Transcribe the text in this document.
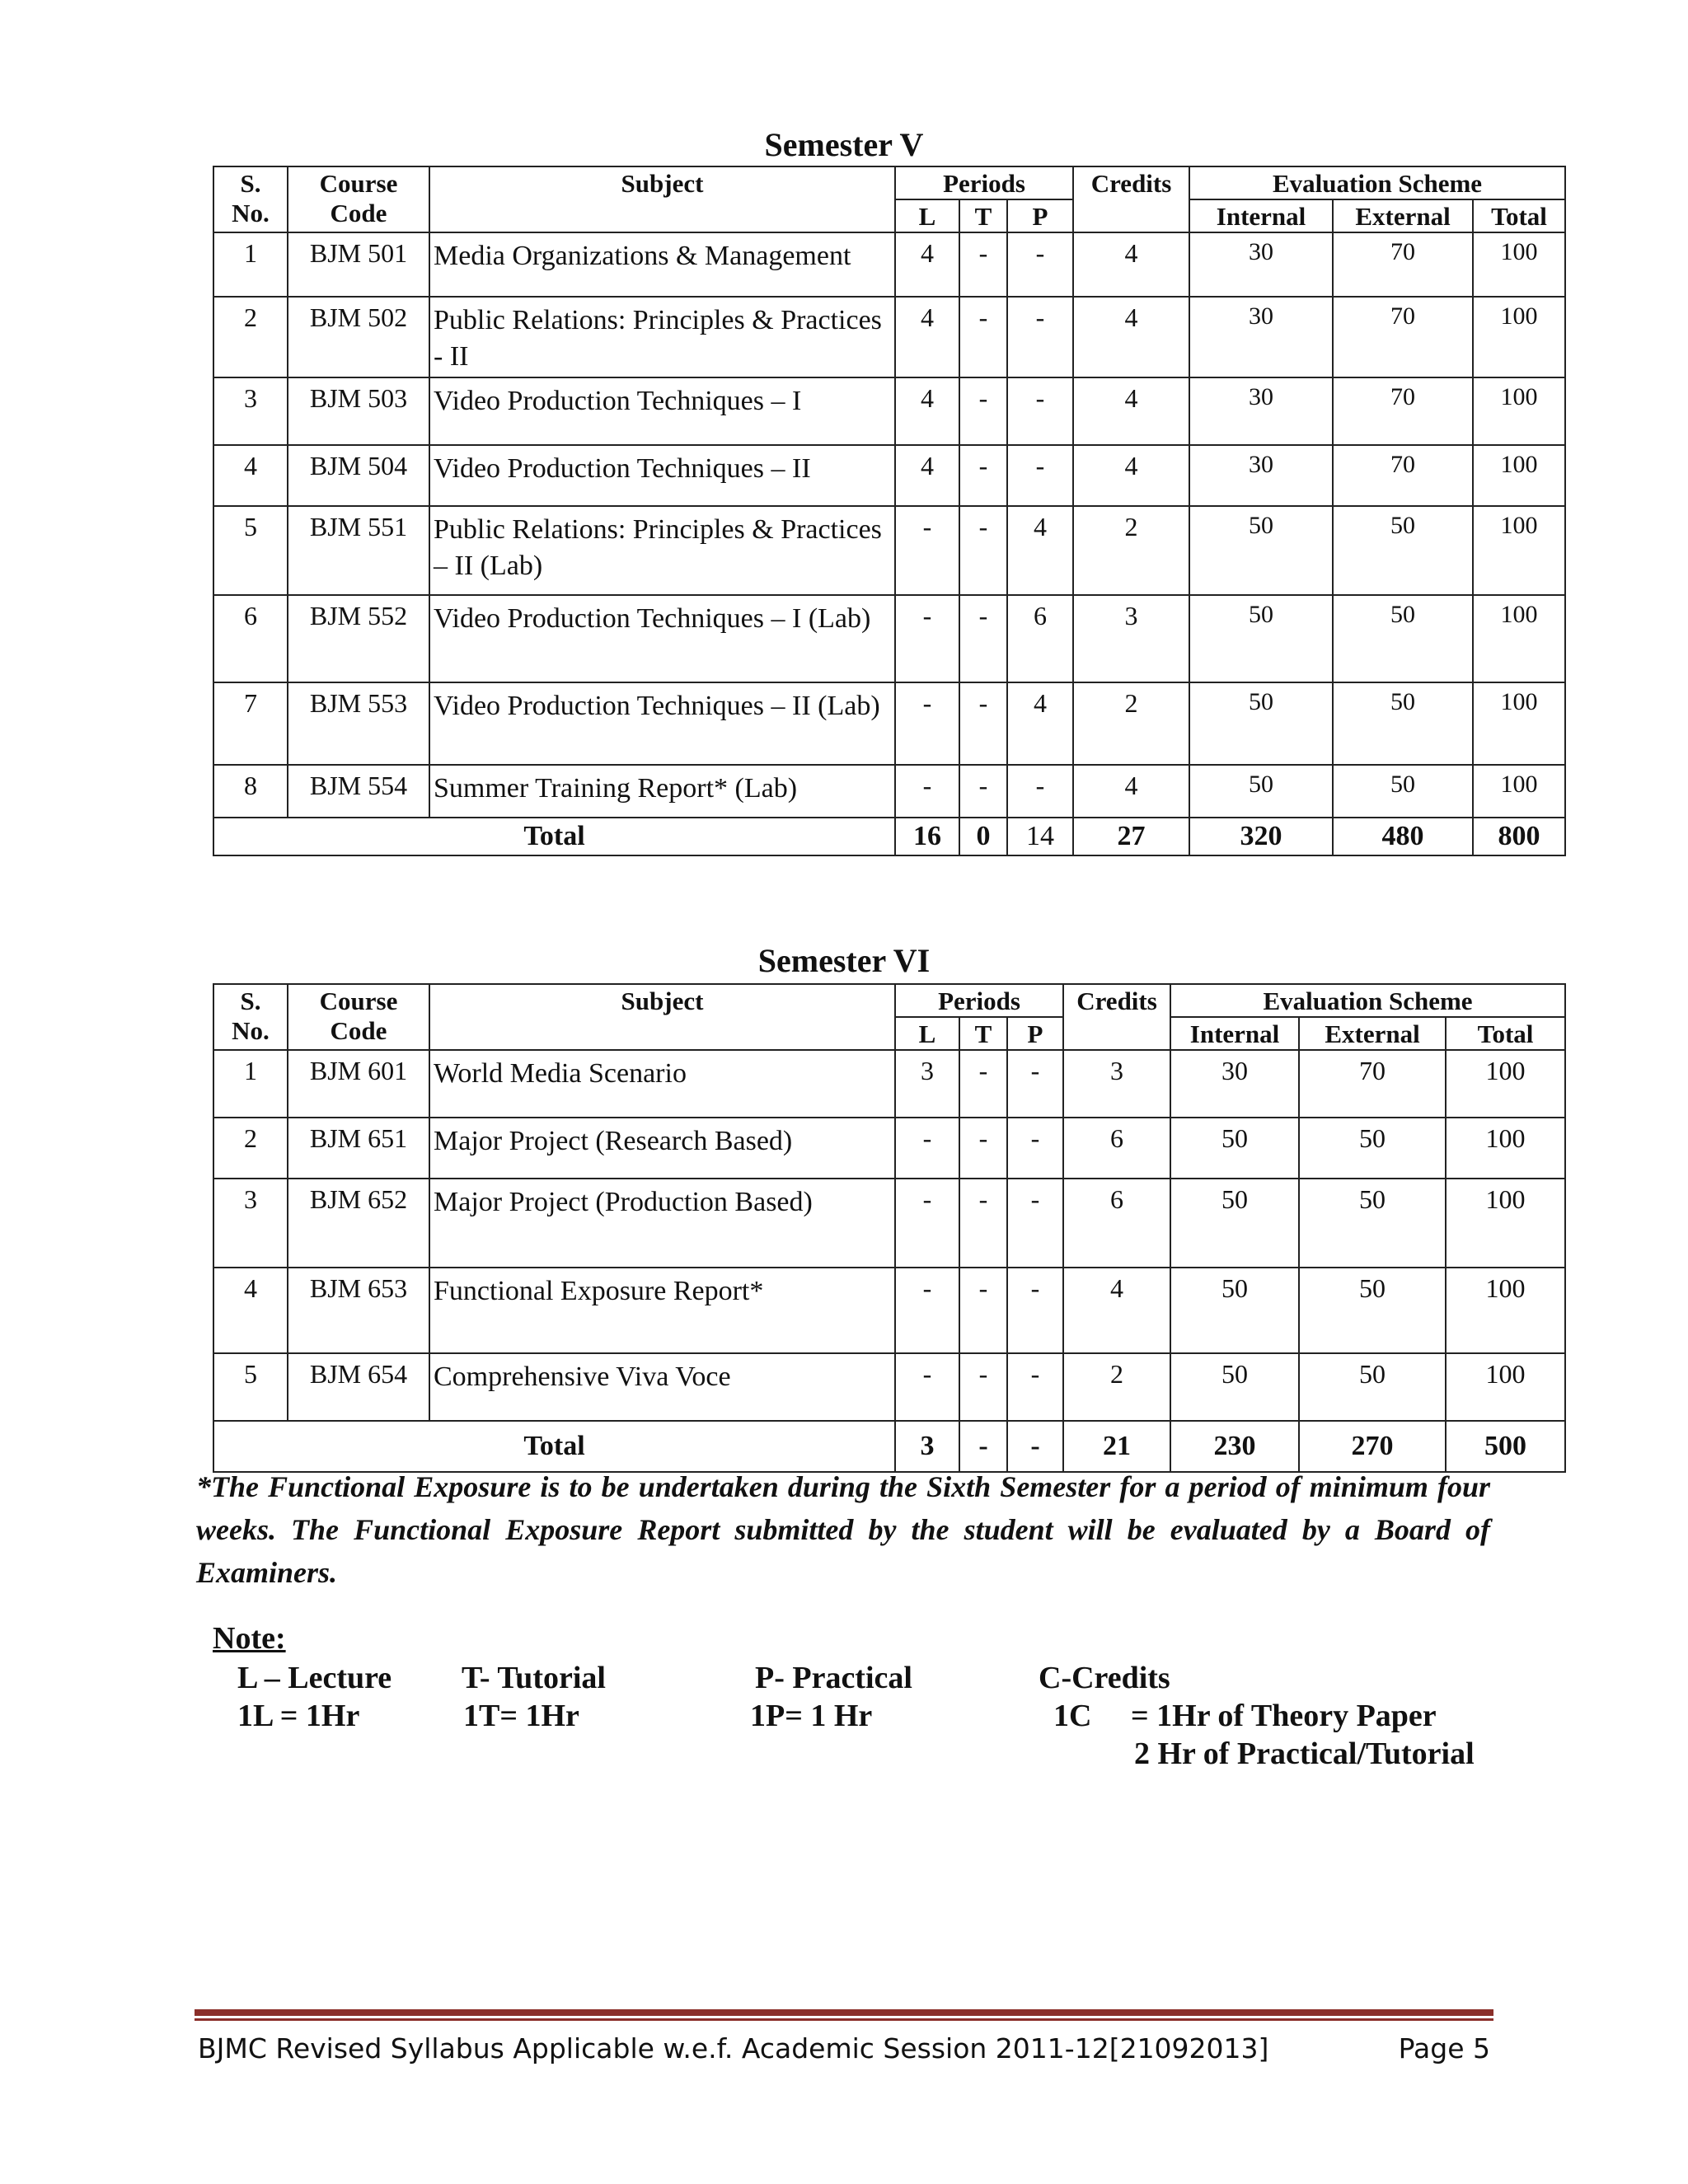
Semester V
S. No.	Course Code	Subject	Periods			Credits	Evaluation Scheme		
			L	T	P		Internal	External	Total
1	BJM 501	Media Organizations & Management	4	-	-	4	30	70	100
2	BJM 502	Public Relations: Principles & Practices - II	4	-	-	4	30	70	100
3	BJM 503	Video Production Techniques – I	4	-	-	4	30	70	100
4	BJM 504	Video Production Techniques – II	4	-	-	4	30	70	100
5	BJM 551	Public Relations: Principles & Practices – II (Lab)	-	-	4	2	50	50	100
6	BJM 552	Video Production Techniques – I (Lab)	-	-	6	3	50	50	100
7	BJM 553	Video Production Techniques – II (Lab)	-	-	4	2	50	50	100
8	BJM 554	Summer Training Report* (Lab)	-	-	-	4	50	50	100
Total			16	0	14	27	320	480	800
Semester VI
S. No.	Course Code	Subject	Periods			Credits	Evaluation Scheme		
			L	T	P		Internal	External	Total
1	BJM 601	World Media Scenario	3	-	-	3	30	70	100
2	BJM 651	Major Project (Research Based)	-	-	-	6	50	50	100
3	BJM 652	Major Project (Production Based)	-	-	-	6	50	50	100
4	BJM 653	Functional Exposure Report*	-	-	-	4	50	50	100
5	BJM 654	Comprehensive Viva Voce	-	-	-	2	50	50	100
Total			3	-	-	21	230	270	500
*The Functional Exposure is to be undertaken during the Sixth Semester for a period of minimum four weeks. The Functional Exposure Report submitted by the student will be evaluated by a Board of Examiners.
Note:
L – Lecture T- Tutorial	P- Practical	C-Credits
1L = 1Hr	1T= 1Hr	1P= 1 Hr	1C = 1Hr of Theory Paper
2 Hr of Practical/Tutorial
BJMC Revised Syllabus Applicable w.e.f. Academic Session 2011-12[21092013]	Page 5
